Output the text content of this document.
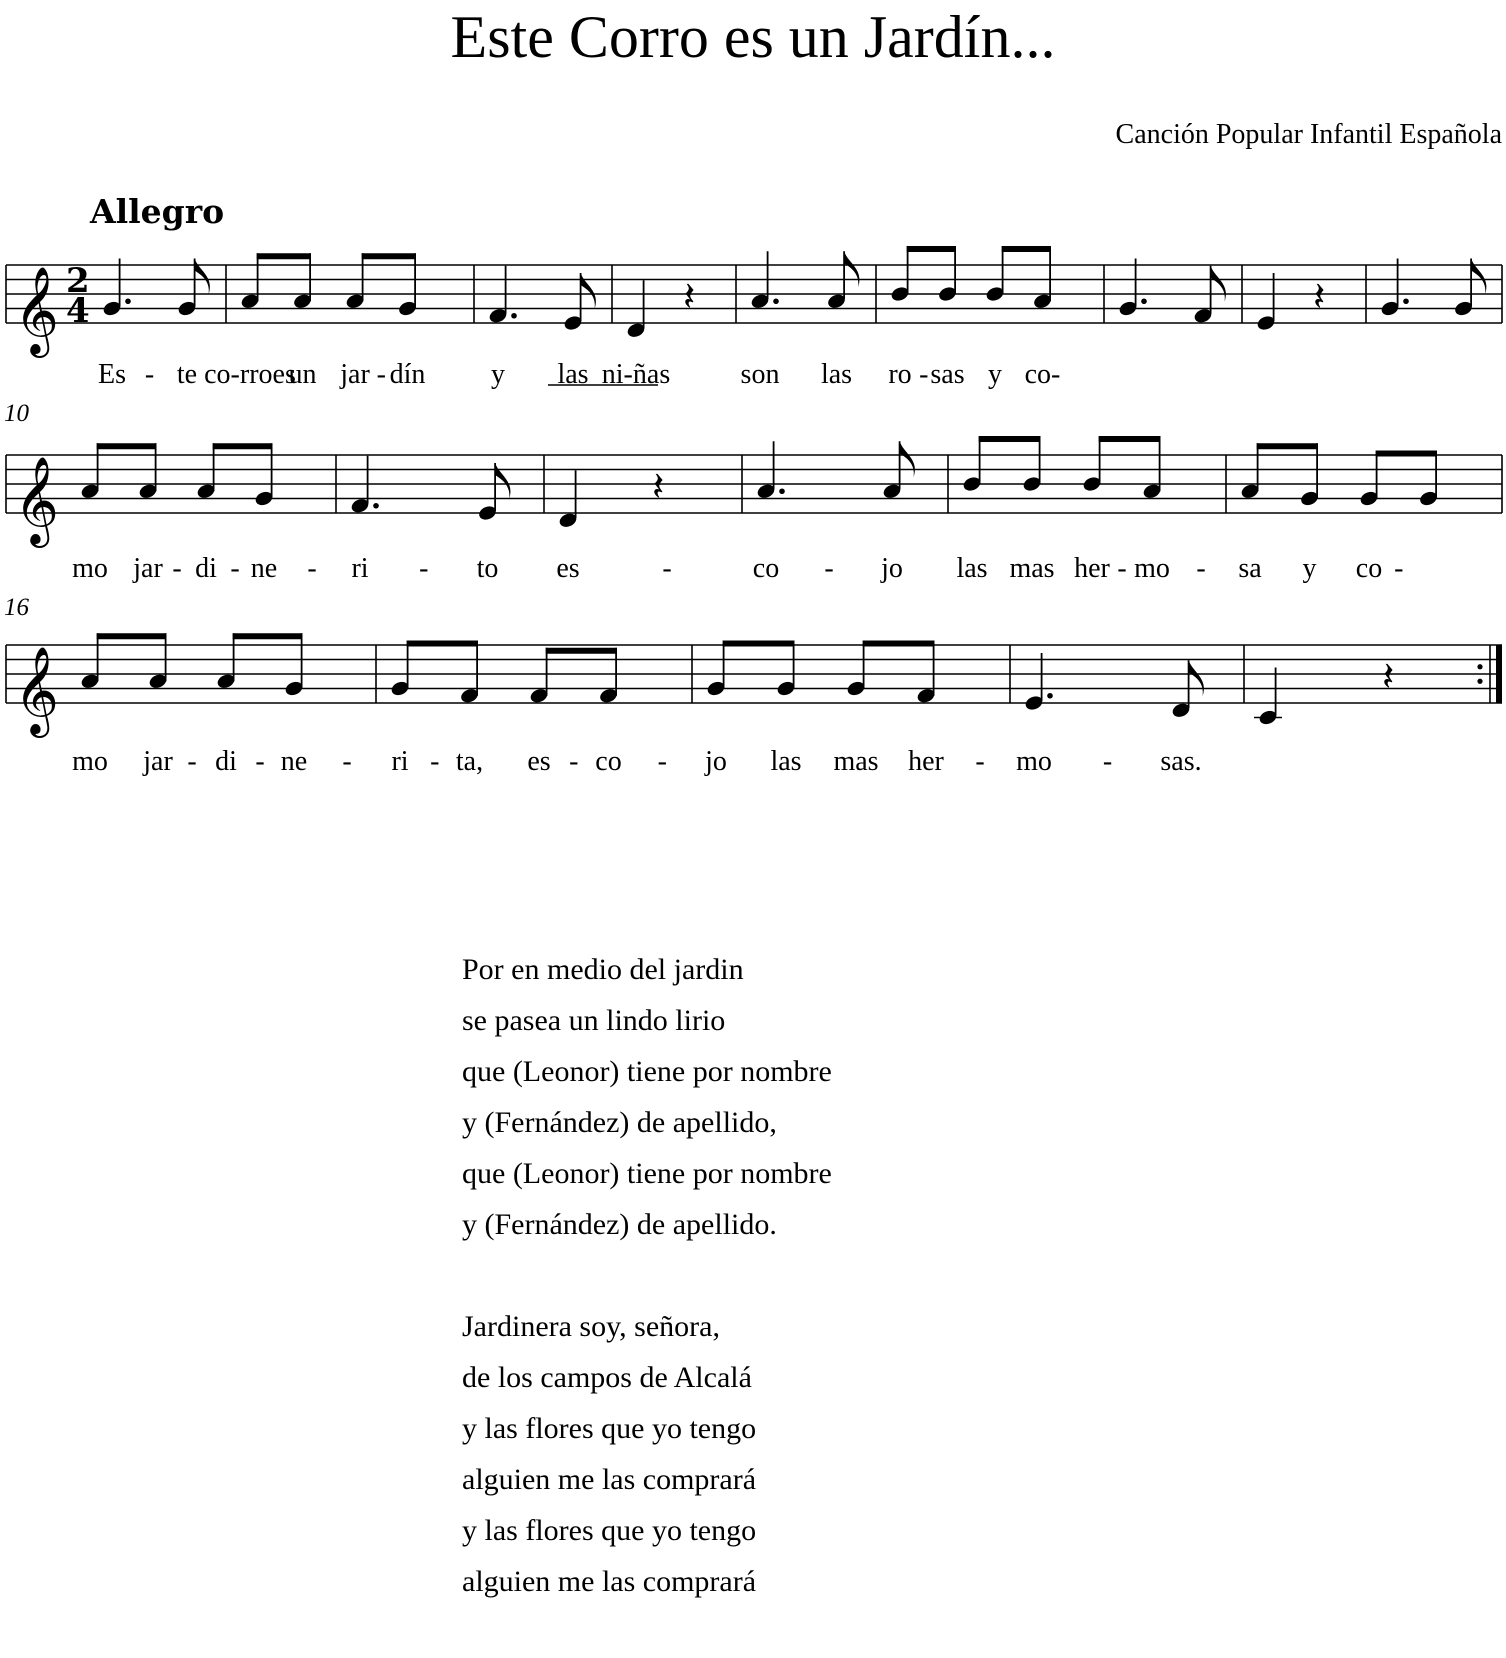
Este Corro es un Jardín...
Canción Popular Infantil Española
Allegro
𝄞 2
4	𝄽	𝄽
𝄞	𝄽
𝄞	𝄽
10
16
Es - te co-rroes
un jar - dín y las ni-ñas	son las ro - sas y co-
mo jar - di - ne - ri - to es	-	co - jo las mas her - mo - sa y co -
mo jar - di - ne - ri - ta, es - co - jo las mas her - mo - sas.
Por en medio del jardin
se pasea un lindo lirio
que (Leonor) tiene por nombre
y (Fernández) de apellido,
que (Leonor) tiene por nombre
y (Fernández) de apellido.
Jardinera soy, señora,
de los campos de Alcalá
y las flores que yo tengo
alguien me las comprará
y las flores que yo tengo
alguien me las comprará
